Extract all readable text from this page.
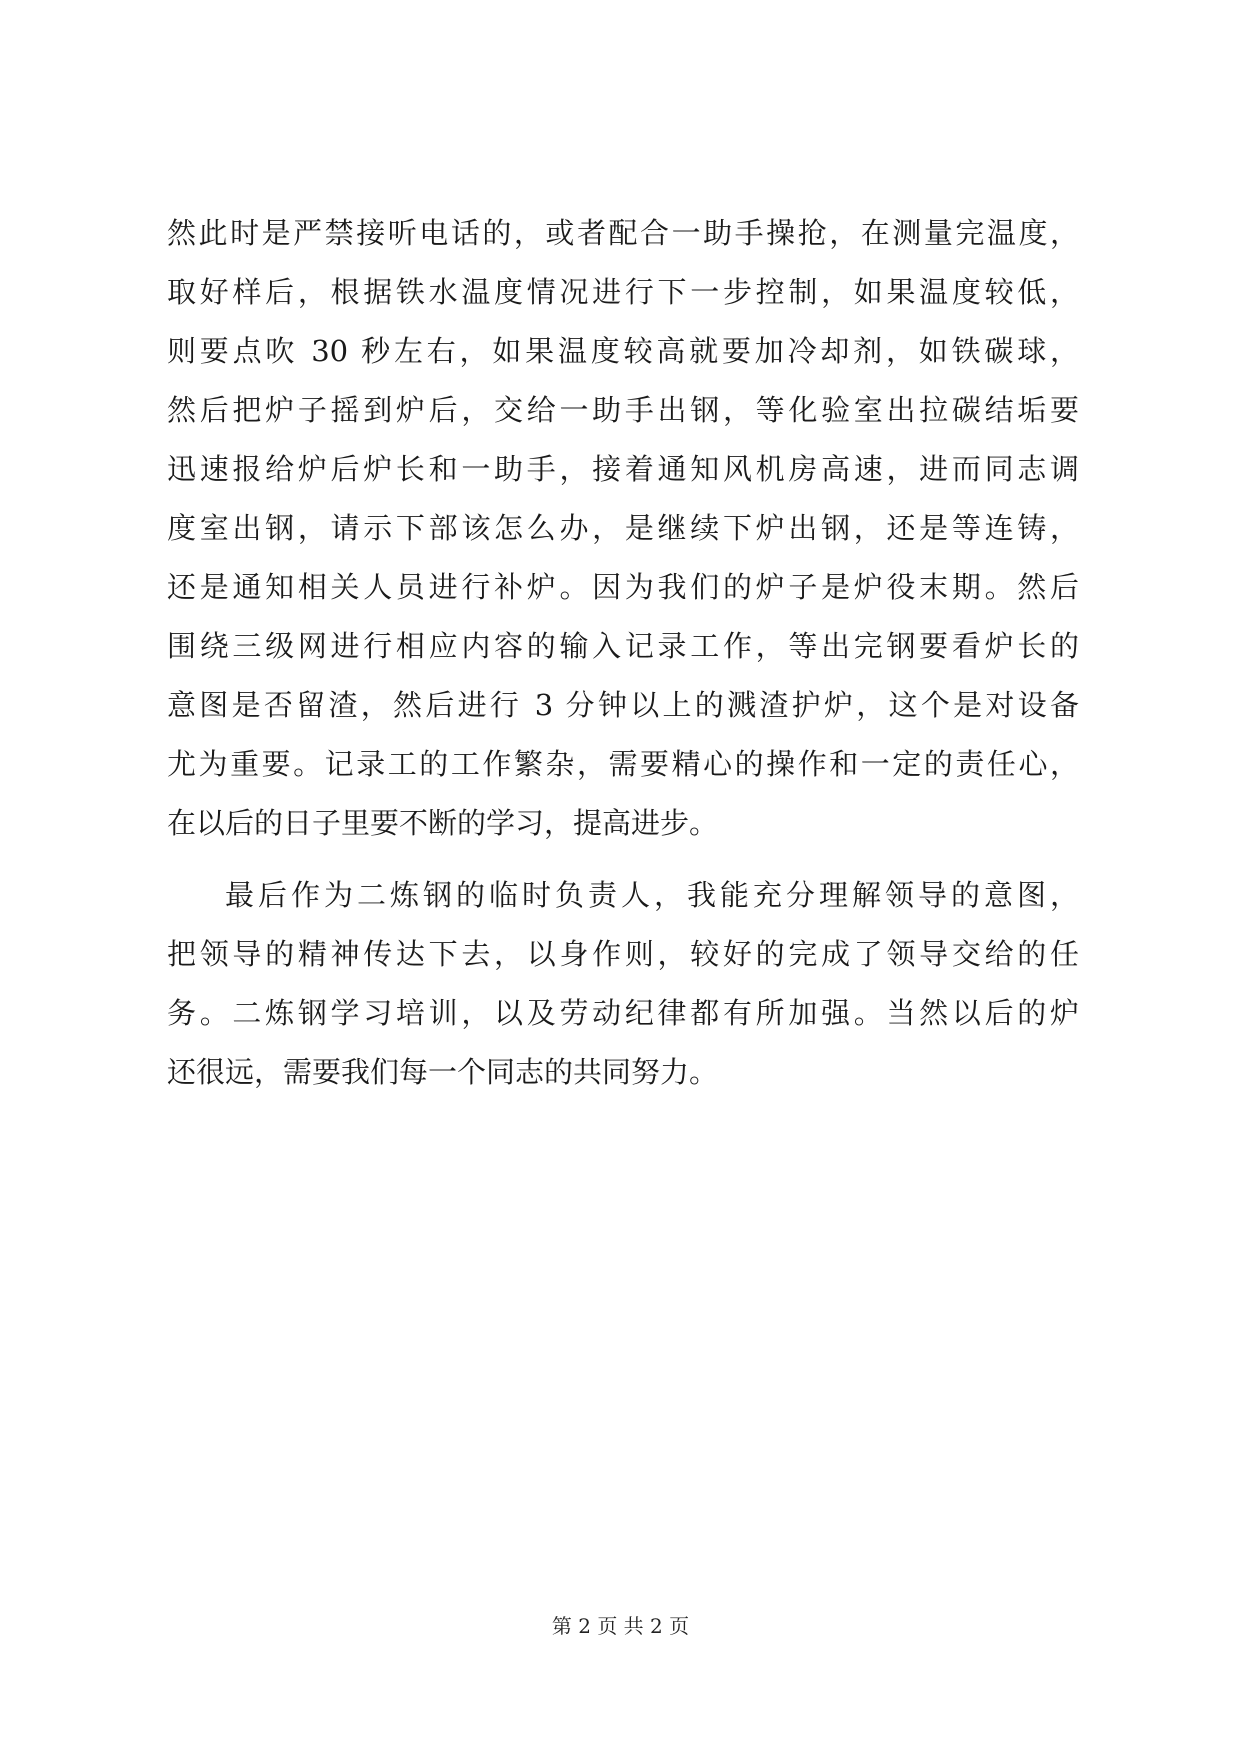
然此时是严禁接听电话的，或者配合一助手操抢，在测量完温度，
取好样后，根据铁水温度情况进行下一步控制，如果温度较低，
则要点吹 30 秒左右，如果温度较高就要加冷却剂，如铁碳球，
然后把炉子摇到炉后，交给一助手出钢，等化验室出拉碳结垢要
迅速报给炉后炉长和一助手，接着通知风机房高速，进而同志调
度室出钢，请示下部该怎么办，是继续下炉出钢，还是等连铸，
还是通知相关人员进行补炉。因为我们的炉子是炉役末期。然后
围绕三级网进行相应内容的输入记录工作，等出完钢要看炉长的
意图是否留渣，然后进行 3 分钟以上的溅渣护炉，这个是对设备
尤为重要。记录工的工作繁杂，需要精心的操作和一定的责任心，
在以后的日子里要不断的学习，提高进步。
最后作为二炼钢的临时负责人，我能充分理解领导的意图，
把领导的精神传达下去，以身作则，较好的完成了领导交给的任
务。二炼钢学习培训，以及劳动纪律都有所加强。当然以后的炉
还很远，需要我们每一个同志的共同努力。
第 2 页 共 2 页
